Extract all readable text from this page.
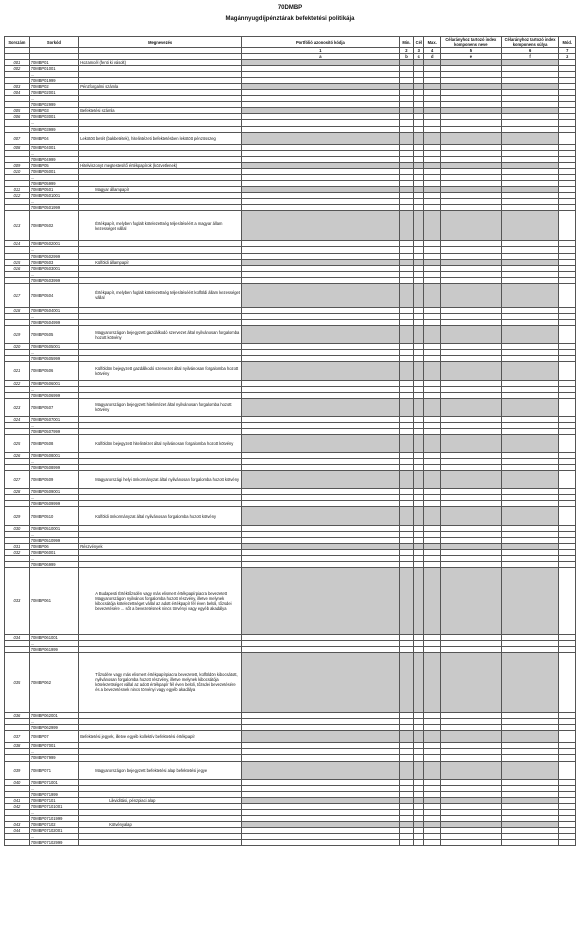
70DMBP
Magánnyugdíjpénztárak befektetési politikája
Sorszám	Sorkód	Megnevezés	Portfólió azonosító kódja	Min.	Cél	Max.	Célarányhoz tartozó index komponens neve	Célarányhoz tartozó index komponens súlya	Mód.
			1	2	3	4	5	6	7
			a	b	c	d	e	f	z
001	70MBP01	Hozamcél (fenti ki vásolt)							
002	70MBP01001								
	...								
	70MBP01999								
003	70MBP02	Pénzforgalmi számla							
004	70MBP02001								
	...								
	70MBP02999								
005	70MBP03	Befektetési számla							
006	70MBP03001								
	...								
	70MBP03999								
007	70MBP04	Lekötött betét (bakbetétek), hitelintézeti befektetésben lekötött pénzösszeg							
008	70MBP04001								
	...								
	70MBP04999								
009	70MBP05	Hitelviszonyt megtestesítő értékpapírok (közvetlenek)							
010	70MBP05001								
	...								
	70MBP05999								
011	70MBP0501	Magyar állampapír							
012	70MBP0501001								
	...								
	70MBP0501999								
013	70MBP0502	Értékpapír, melyben foglalt kötelezettség teljesítéséért a magyar állam kezességet vállal							
014	70MBP0502001								
	...								
	70MBP0502999								
015	70MBP0503	Külföldi állampapír							
016	70MBP0503001								
	...								
	70MBP0503999								
017	70MBP0504	Értékpapír, melyben foglalt kötelezettség teljesítéséért külföldi állam kezességet vállal							
018	70MBP0504001								
	...								
	70MBP0504999								
019	70MBP0505	Magyarországon bejegyzett gazdálkodó szervezet által nyilvánosan forgalomba hozott kötvény							
020	70MBP0505001								
	...								
	70MBP0505999								
021	70MBP0506	Külföldön bejegyzett gazdálkodó szervezet által nyilvánosan forgalomba hozott kötvény							
022	70MBP0506001								
	...								
	70MBP0506999								
023	70MBP0507	Magyarországon bejegyzett hitelintézet által nyilvánosan forgalomba hozott kötvény							
024	70MBP0507001								
	...								
	70MBP0507999								
025	70MBP0508	Külföldön bejegyzett hitelintézet által nyilvánosan forgalomba hozott kötvény							
026	70MBP0508001								
	...								
	70MBP0508999								
027	70MBP0509	Magyarországi helyi önkormányzat által nyilvánosan forgalomba hozott kötvény							
028	70MBP0509001								
	...								
	70MBP0509999								
029	70MBP0510	Külföldi önkormányzat által nyilvánosan forgalomba hozott kötvény							
030	70MBP0510001								
	...								
	70MBP0510999								
031	70MBP06	Részvények							
032	70MBP06001								
	...								
	70MBP06999								
033	70MBP061	A Budapesti Értéktőzsdén vagy más elismert értékpapírpiacra bevezetett Magyarországon nyilvános forgalomba hozott részvény, illetve melynek kibocsátója kötelezettséget vállal az adott értékpapír fél éven belüli, tőzsdei bevezetésére ... sőt a bevezetésnek nincs törvényi vagy egyéb akadálya							
034	70MBP061001								
	...								
	70MBP061999								
035	70MBP062	Tőzsdére vagy más elismert értékpapírpiacra bevezetett, külföldön kibocsátott, nyilvánosan forgalomba hozott részvény, illetve melynek kibocsátója kötelezettséget vállal az adott értékpapír fél éven belüli, tőzsdei bevezetésére és a bevezetésnek nincs törvényi vagy egyéb akadálya							
036	70MBP062001								
	...								
	70MBP062999								
037	70MBP07	Befektetési jegyek, illetve egyéb kollektív befektetési értékpapír							
038	70MBP07001								
	...								
	70MBP07999								
039	70MBP071	Magyarországon bejegyzett befektetési alap befektetési jegye							
040	70MBP071001								
	...								
	70MBP071999								
041	70MBP07101	Likviditási, pénzpiaci alap							
042	70MBP07101001								
	...								
	70MBP07101999								
043	70MBP07102	Kötvényalap							
044	70MBP07102001								
	...								
	70MBP07102999								
